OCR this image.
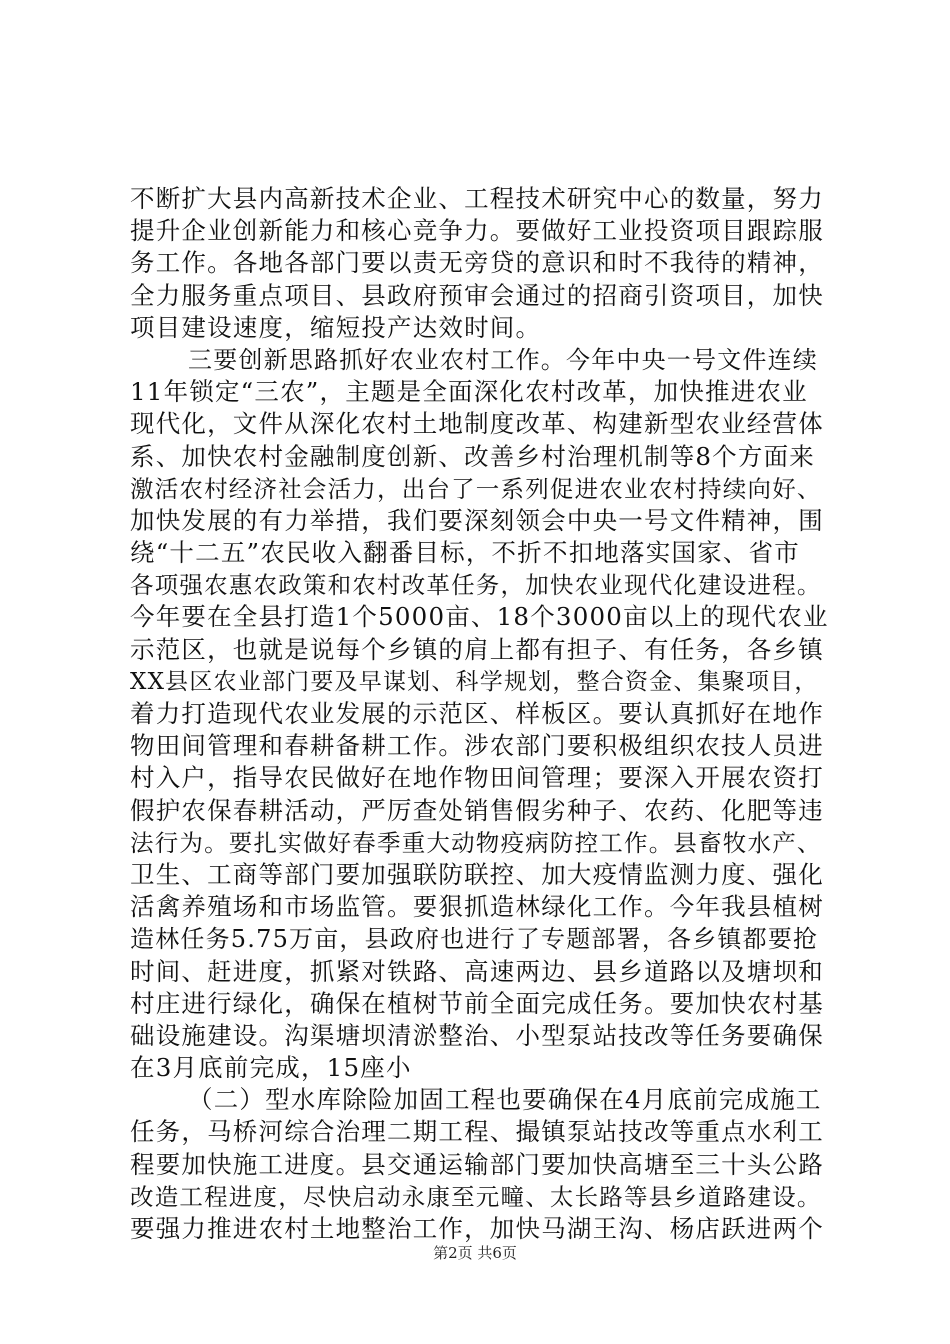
不断扩大县内高新技术企业、工程技术研究中心的数量，努力
提升企业创新能力和核心竞争力。要做好工业投资项目跟踪服
务工作。各地各部门要以责无旁贷的意识和时不我待的精神，
全力服务重点项目、县政府预审会通过的招商引资项目，加快
项目建设速度，缩短投产达效时间。
三要创新思路抓好农业农村工作。今年中央一号文件连续
11年锁定“三农”，主题是全面深化农村改革，加快推进农业
现代化，文件从深化农村土地制度改革、构建新型农业经营体
系、加快农村金融制度创新、改善乡村治理机制等8个方面来
激活农村经济社会活力，出台了一系列促进农业农村持续向好、
加快发展的有力举措，我们要深刻领会中央一号文件精神，围
绕“十二五”农民收入翻番目标，不折不扣地落实国家、省市
各项强农惠农政策和农村改革任务，加快农业现代化建设进程。
今年要在全县打造1个5000亩、18个3000亩以上的现代农业
示范区，也就是说每个乡镇的肩上都有担子、有任务，各乡镇
XX县区农业部门要及早谋划、科学规划，整合资金、集聚项目，
着力打造现代农业发展的示范区、样板区。要认真抓好在地作
物田间管理和春耕备耕工作。涉农部门要积极组织农技人员进
村入户，指导农民做好在地作物田间管理；要深入开展农资打
假护农保春耕活动，严厉查处销售假劣种子、农药、化肥等违
法行为。要扎实做好春季重大动物疫病防控工作。县畜牧水产、
卫生、工商等部门要加强联防联控、加大疫情监测力度、强化
活禽养殖场和市场监管。要狠抓造林绿化工作。今年我县植树
造林任务5.75万亩，县政府也进行了专题部署，各乡镇都要抢
时间、赶进度，抓紧对铁路、高速两边、县乡道路以及塘坝和
村庄进行绿化，确保在植树节前全面完成任务。要加快农村基
础设施建设。沟渠塘坝清淤整治、小型泵站技改等任务要确保
在3月底前完成，15座小
（二）型水库除险加固工程也要确保在4月底前完成施工
任务，马桥河综合治理二期工程、撮镇泵站技改等重点水利工
程要加快施工进度。县交通运输部门要加快高塘至三十头公路
改造工程进度，尽快启动永康至元疃、太长路等县乡道路建设。
要强力推进农村土地整治工作，加快马湖王沟、杨店跃进两个
第2页 共6页
